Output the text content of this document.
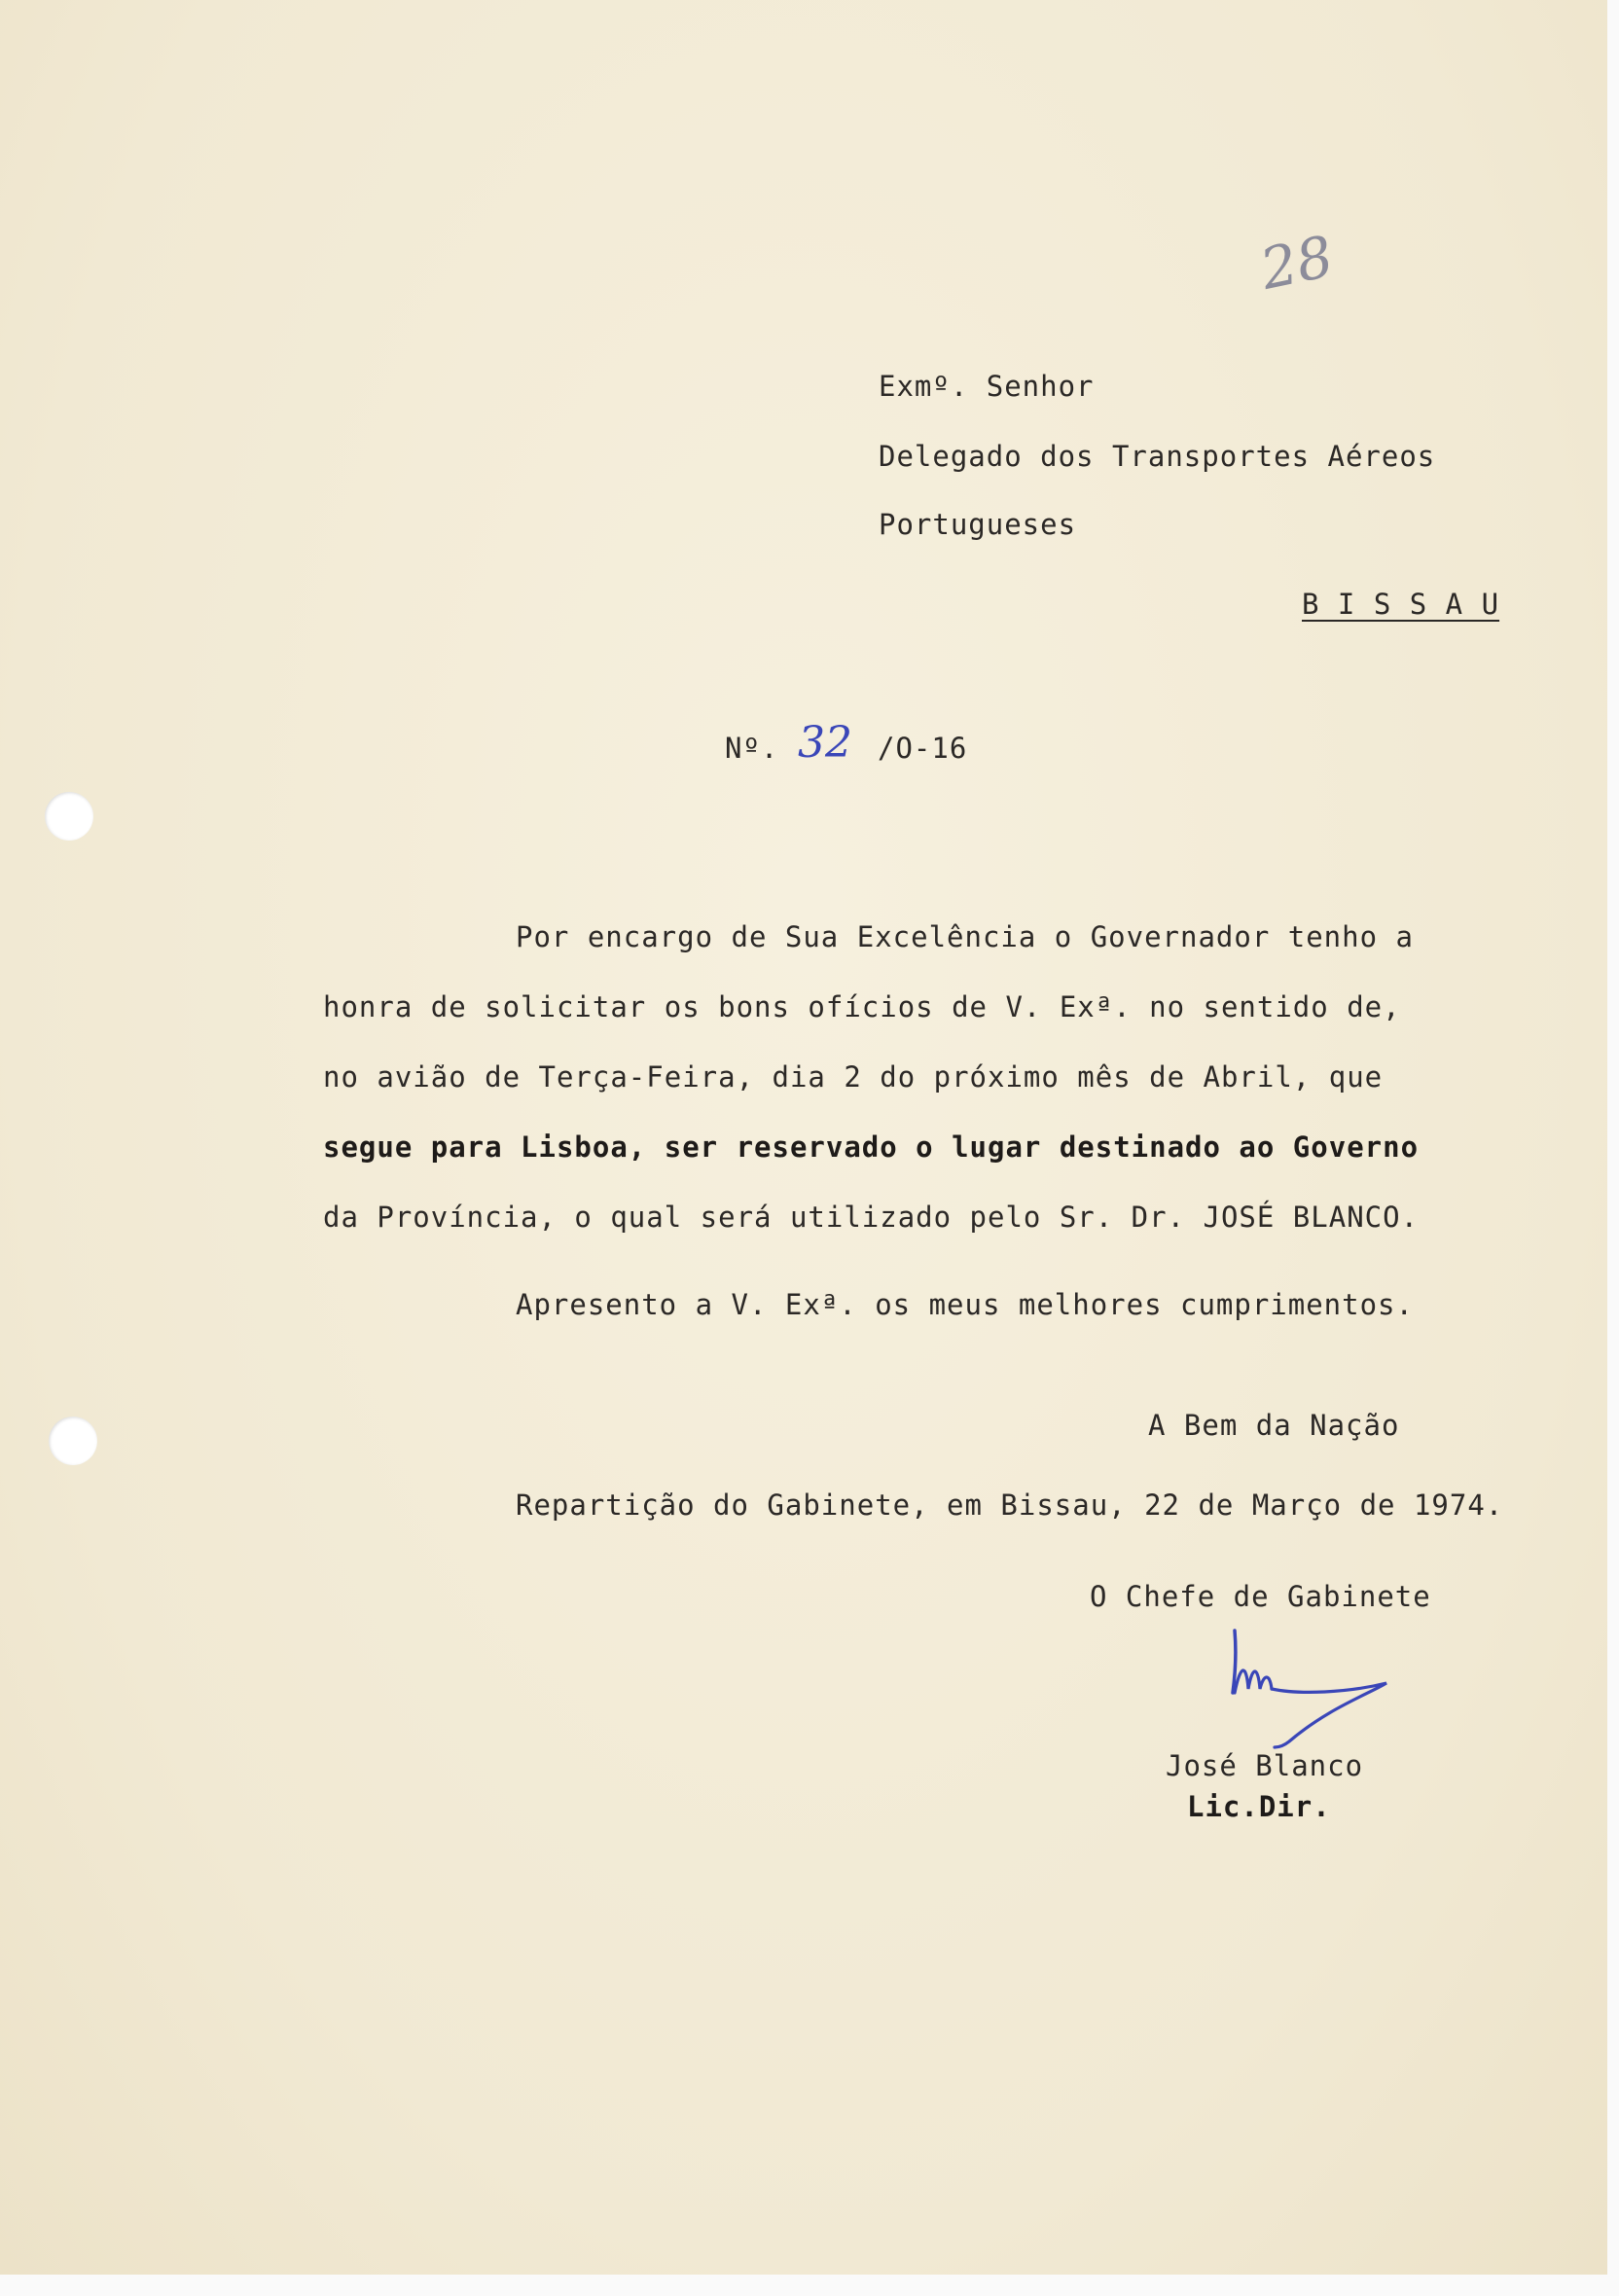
28

Exmº. Senhor

Delegado dos Transportes Aéreos

Portugueses

B I S S A U

Nº. 32 /O-16

Por encargo de Sua Excelência o Governador tenho a

honra de solicitar os bons ofícios de V. Exª. no sentido de,

no avião de Terça-Feira, dia 2 do próximo mês de Abril, que

segue para Lisboa, ser reservado o lugar destinado ao Governo

da Província, o qual será utilizado pelo Sr. Dr. JOSÉ BLANCO.

Apresento a V. Exª. os meus melhores cumprimentos.

A Bem da Nação

Repartição do Gabinete, em Bissau, 22 de Março de 1974.

O Chefe de Gabinete

José Blanco

Lic.Dir.
